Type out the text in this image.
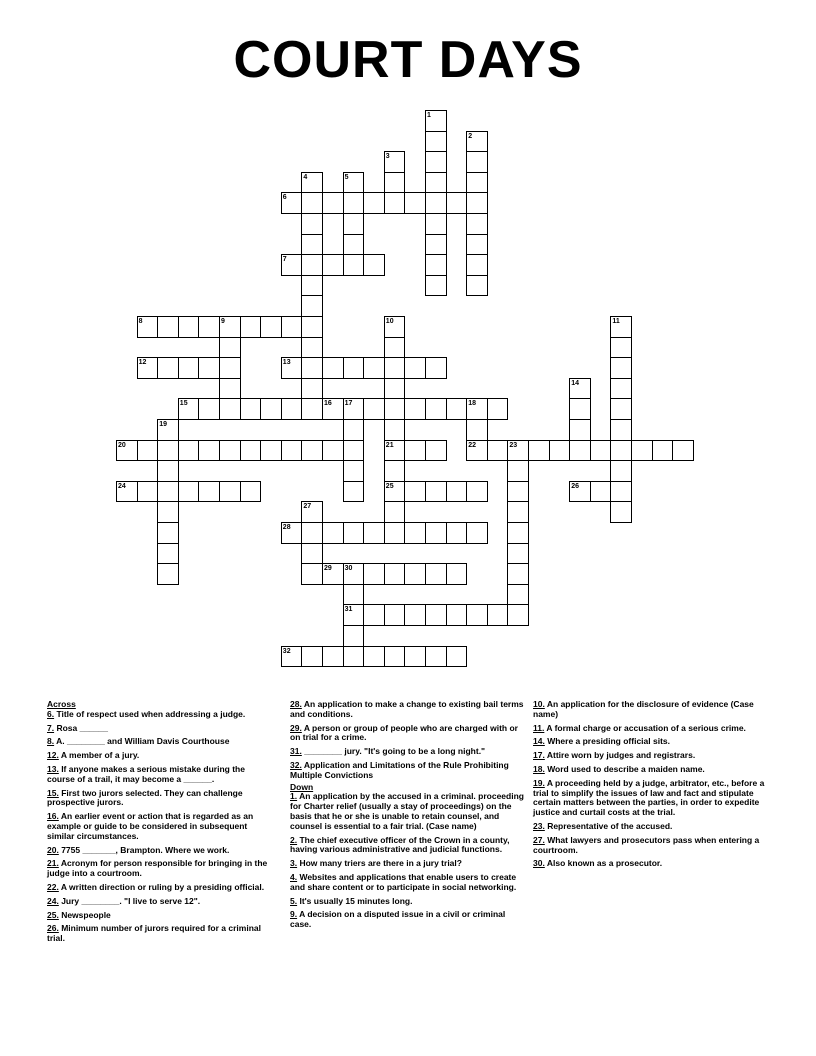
COURT DAYS
1
2
3
4	5
6
7
8	9	10	11
12	13
14
15	16 17	18
19
20	21	22	23
24	25	26
27
28
29 30
31
32
Across
6. Title of respect used when addressing a judge.
7. Rosa ______
8. A. ________ and William Davis Courthouse
12. A member of a jury.
13. If anyone makes a serious mistake during the course of a trail, it may become a ______.
15. First two jurors selected. They can challenge prospective jurors.
16. An earlier event or action that is regarded as an example or guide to be considered in subsequent similar circumstances.
20. 7755 _______, Brampton. Where we work.
21. Acronym for person responsible for bringing in the judge into a courtroom.
22. A written direction or ruling by a presiding official.
24. Jury ________. "I live to serve 12".
25. Newspeople
26. Minimum number of jurors required for a criminal trial.
28. An application to make a change to existing bail terms and conditions.
29. A person or group of people who are charged with or on trial for a crime.
31. ________ jury. "It's going to be a long night."
32. Application and Limitations of the Rule Prohibiting Multiple Convictions
Down
1. An application by the accused in a criminal. proceeding for Charter relief (usually a stay of proceedings) on the basis that he or she is unable to retain counsel, and counsel is essential to a fair trial. (Case name)
2. The chief executive officer of the Crown in a county, having various administrative and judicial functions.
3. How many triers are there in a jury trial?
4. Websites and applications that enable users to create and share content or to participate in social networking.
5. It's usually 15 minutes long.
9. A decision on a disputed issue in a civil or criminal case.
10. An application for the disclosure of evidence (Case name)
11. A formal charge or accusation of a serious crime.
14. Where a presiding official sits.
17. Attire worn by judges and registrars.
18. Word used to describe a maiden name.
19. A proceeding held by a judge, arbitrator, etc., before a trial to simplify the issues of law and fact and stipulate certain matters between the parties, in order to expedite justice and curtail costs at the trial.
23. Representative of the accused.
27. What lawyers and prosecutors pass when entering a courtroom.
30. Also known as a prosecutor.
